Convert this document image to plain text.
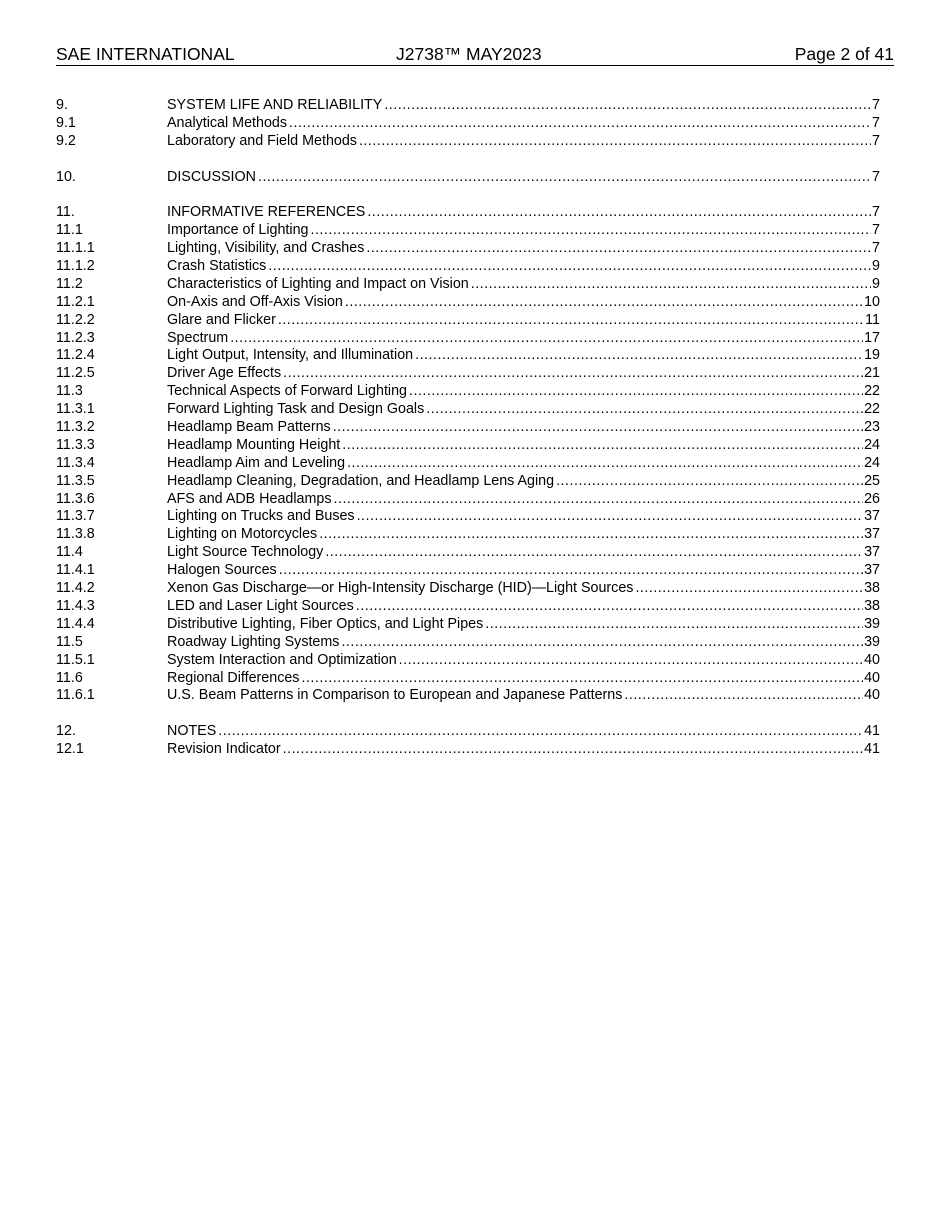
SAE INTERNATIONAL	J2738™ MAY2023	Page 2 of 41
9.	SYSTEM LIFE AND RELIABILITY .....	7
9.1	Analytical Methods .....	7
9.2	Laboratory and Field Methods .....	7
10.	DISCUSSION .....	7
11.	INFORMATIVE REFERENCES .....	7
11.1	Importance of Lighting .....	7
11.1.1	Lighting, Visibility, and Crashes .....	7
11.1.2	Crash Statistics .....	9
11.2	Characteristics of Lighting and Impact on Vision .....	9
11.2.1	On-Axis and Off-Axis Vision .....	10
11.2.2	Glare and Flicker .....	11
11.2.3	Spectrum .....	17
11.2.4	Light Output, Intensity, and Illumination .....	19
11.2.5	Driver Age Effects .....	21
11.3	Technical Aspects of Forward Lighting .....	22
11.3.1	Forward Lighting Task and Design Goals .....	22
11.3.2	Headlamp Beam Patterns .....	23
11.3.3	Headlamp Mounting Height .....	24
11.3.4	Headlamp Aim and Leveling .....	24
11.3.5	Headlamp Cleaning, Degradation, and Headlamp Lens Aging .....	25
11.3.6	AFS and ADB Headlamps .....	26
11.3.7	Lighting on Trucks and Buses .....	37
11.3.8	Lighting on Motorcycles .....	37
11.4	Light Source Technology .....	37
11.4.1	Halogen Sources .....	37
11.4.2	Xenon Gas Discharge—or High-Intensity Discharge (HID)—Light Sources .....	38
11.4.3	LED and Laser Light Sources .....	38
11.4.4	Distributive Lighting, Fiber Optics, and Light Pipes .....	39
11.5	Roadway Lighting Systems .....	39
11.5.1	System Interaction and Optimization .....	40
11.6	Regional Differences .....	40
11.6.1	U.S. Beam Patterns in Comparison to European and Japanese Patterns .....	40
12.	NOTES .....	41
12.1	Revision Indicator .....	41
